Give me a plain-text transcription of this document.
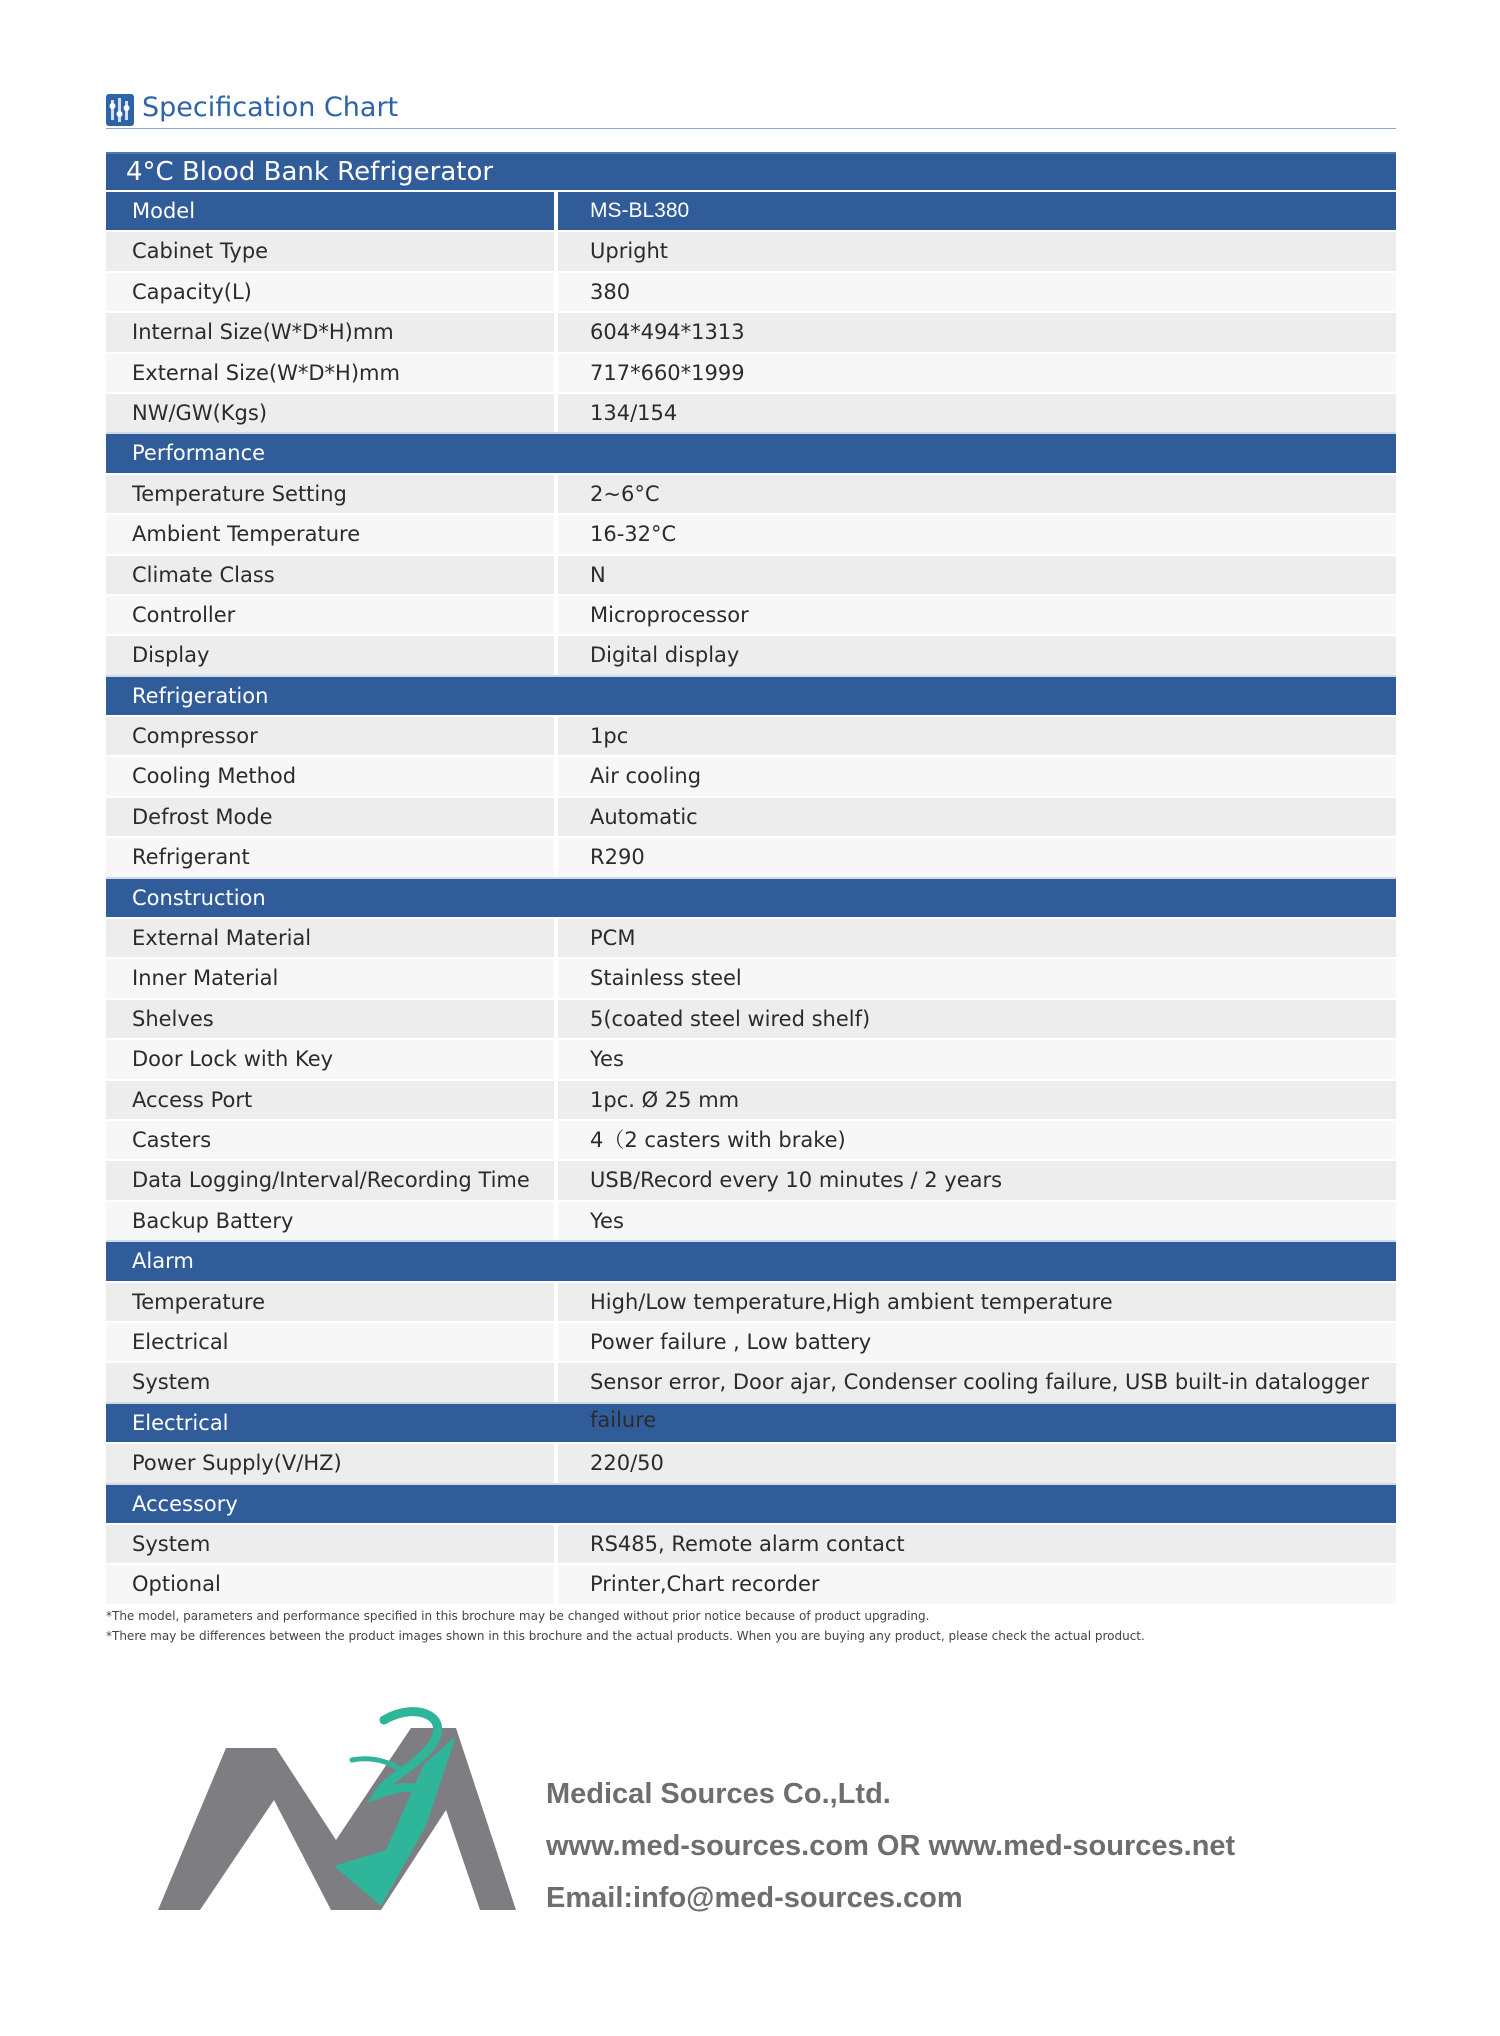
Specification Chart
4°C Blood Bank Refrigerator
Model	MS-BL380
Cabinet Type	Upright
Capacity(L)	380
Internal Size(W*D*H)mm	604*494*1313
External Size(W*D*H)mm	717*660*1999
NW/GW(Kgs)	134/154
Performance
Temperature Setting	2~6°C
Ambient Temperature	16-32°C
Climate Class	N
Controller	Microprocessor
Display	Digital display
Refrigeration
Compressor	1pc
Cooling Method	Air cooling
Defrost Mode	Automatic
Refrigerant	R290
Construction
External Material	PCM
Inner Material	Stainless steel
Shelves	5(coated steel wired shelf)
Door Lock with Key	Yes
Access Port	1pc. Ø 25 mm
Casters	4（2 casters with brake)
Data Logging/Interval/Recording Time	USB/Record every 10 minutes / 2 years
Backup Battery	Yes
Alarm
Temperature	High/Low temperature,High ambient temperature
Electrical	Power failure , Low battery
System	Sensor error, Door ajar, Condenser cooling failure, USB built-in datalogger failure
Electrical
Power Supply(V/HZ)	220/50
Accessory
System	RS485, Remote alarm contact
Optional	Printer,Chart recorder
*The model, parameters and performance specified in this brochure may be changed without prior notice because of product upgrading.
*There may be differences between the product images shown in this brochure and the actual products. When you are buying any product, please check the actual product.
Medical Sources Co.,Ltd.
www.med-sources.com OR www.med-sources.net
Email:info@med-sources.com
